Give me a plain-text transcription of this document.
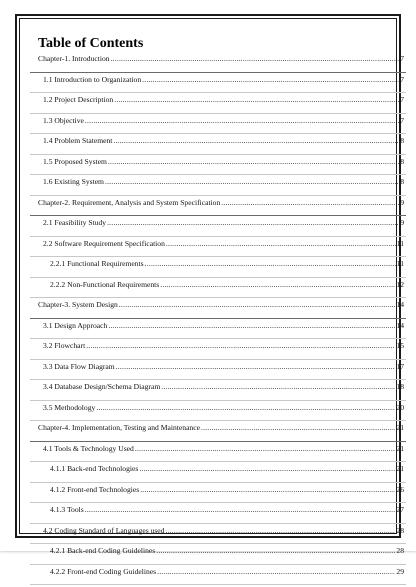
Table of Contents
Chapter-1. Introduction .....	7
1.1 Introduction to Organization .....	7
1.2 Project Description .....	7
1.3 Objective .....	7
1.4 Problem Statement .....	8
1.5 Proposed System .....	8
1.6 Existing System .....	8
Chapter-2. Requirement, Analysis and System Specification .....	9
2.1 Feasibility Study .....	9
2.2 Software Requirement Specification .....	11
2.2.1 Functional Requirements .....	11
2.2.2 Non-Functional Requirements .....	12
Chapter-3. System Design .....	14
3.1 Design Approach .....	14
3.2 Flowchart .....	15
3.3 Data Flow Diagram .....	17
3.4 Database Design/Schema Diagram .....	18
3.5 Methodology .....	20
Chapter-4. Implementation, Testing and Maintenance .....	21
4.1 Tools & Technology Used .....	21
4.1.1 Back-end Technologies .....	21
4.1.2 Front-end Technologies .....	26
4.1.3 Tools .....	27
4.2 Coding Standard of Languages used .....	28
4.2.1 Back-end Coding Guidelines .....	28
4.2.2 Front-end Coding Guidelines .....	29
